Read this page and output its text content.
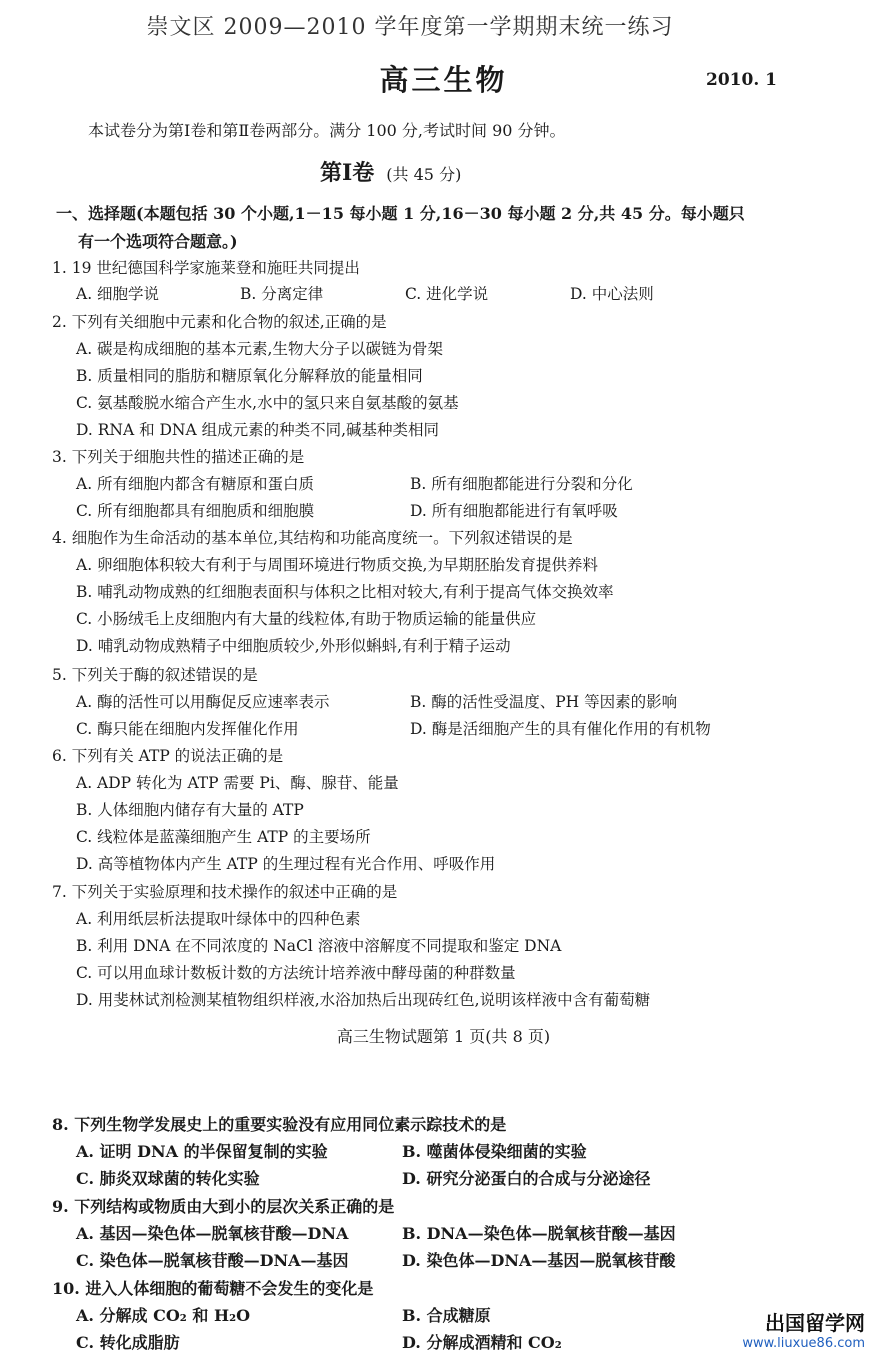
崇文区 2009—2010 学年度第一学期期末统一练习
高三生物	2010. 1
本试卷分为第Ⅰ卷和第Ⅱ卷两部分。满分 100 分,考试时间 90 分钟。
第Ⅰ卷 (共 45 分)
一、选择题(本题包括 30 个小题,1－15 每小题 1 分,16－30 每小题 2 分,共 45 分。每小题只
有一个选项符合题意。)
1. 19 世纪德国科学家施莱登和施旺共同提出
A. 细胞学说	B. 分离定律	C. 进化学说	D. 中心法则
2. 下列有关细胞中元素和化合物的叙述,正确的是
A. 碳是构成细胞的基本元素,生物大分子以碳链为骨架
B. 质量相同的脂肪和糖原氧化分解释放的能量相同
C. 氨基酸脱水缩合产生水,水中的氢只来自氨基酸的氨基
D. RNA 和 DNA 组成元素的种类不同,碱基种类相同
3. 下列关于细胞共性的描述正确的是
A. 所有细胞内都含有糖原和蛋白质	B. 所有细胞都能进行分裂和分化
C. 所有细胞都具有细胞质和细胞膜	D. 所有细胞都能进行有氧呼吸
4. 细胞作为生命活动的基本单位,其结构和功能高度统一。下列叙述错误的是
A. 卵细胞体积较大有利于与周围环境进行物质交换,为早期胚胎发育提供养料
B. 哺乳动物成熟的红细胞表面积与体积之比相对较大,有利于提高气体交换效率
C. 小肠绒毛上皮细胞内有大量的线粒体,有助于物质运输的能量供应
D. 哺乳动物成熟精子中细胞质较少,外形似蝌蚪,有利于精子运动
5. 下列关于酶的叙述错误的是
A. 酶的活性可以用酶促反应速率表示	B. 酶的活性受温度、PH 等因素的影响
C. 酶只能在细胞内发挥催化作用	D. 酶是活细胞产生的具有催化作用的有机物
6. 下列有关 ATP 的说法正确的是
A. ADP 转化为 ATP 需要 Pi、酶、腺苷、能量
B. 人体细胞内储存有大量的 ATP
C. 线粒体是蓝藻细胞产生 ATP 的主要场所
D. 高等植物体内产生 ATP 的生理过程有光合作用、呼吸作用
7. 下列关于实验原理和技术操作的叙述中正确的是
A. 利用纸层析法提取叶绿体中的四种色素
B. 利用 DNA 在不同浓度的 NaCl 溶液中溶解度不同提取和鉴定 DNA
C. 可以用血球计数板计数的方法统计培养液中酵母菌的种群数量
D. 用斐林试剂检测某植物组织样液,水浴加热后出现砖红色,说明该样液中含有葡萄糖
高三生物试题第 1 页(共 8 页)
8. 下列生物学发展史上的重要实验没有应用同位素示踪技术的是
A. 证明 DNA 的半保留复制的实验	B. 噬菌体侵染细菌的实验
C. 肺炎双球菌的转化实验	D. 研究分泌蛋白的合成与分泌途径
9. 下列结构或物质由大到小的层次关系正确的是
A. 基因—染色体—脱氧核苷酸—DNA	B. DNA—染色体—脱氧核苷酸—基因
C. 染色体—脱氧核苷酸—DNA—基因	D. 染色体—DNA—基因—脱氧核苷酸
10. 进入人体细胞的葡萄糖不会发生的变化是
A. 分解成 CO₂ 和 H₂O	B. 合成糖原
C. 转化成脂肪	D. 分解成酒精和 CO₂
出国留学网
www.liuxue86.com
